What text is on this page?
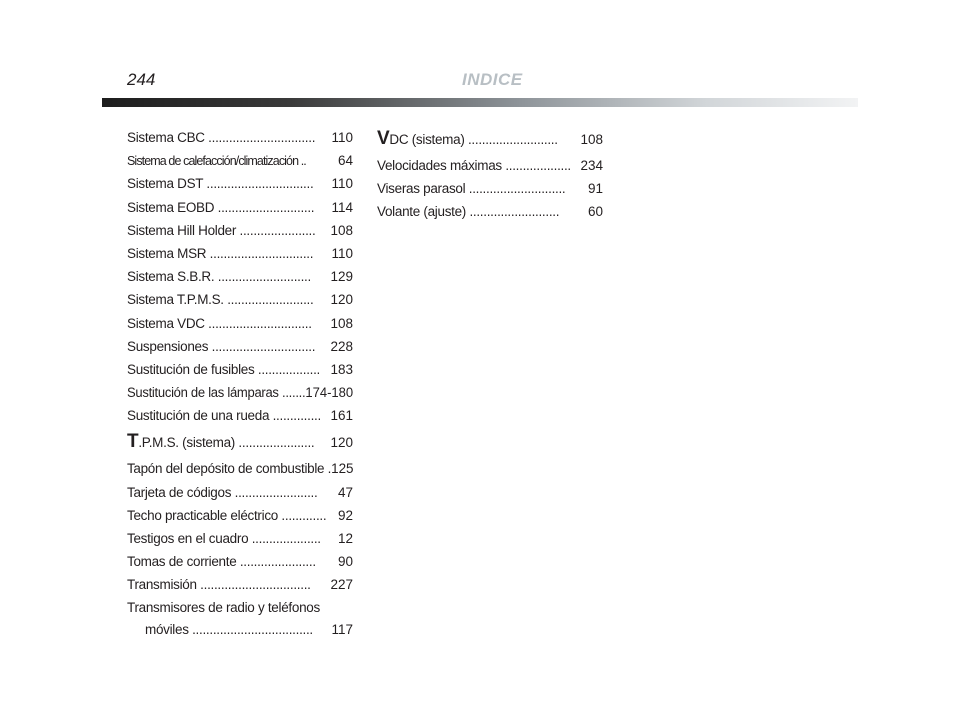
244	INDICE
Sistema CBC ............................... 110
Sistema de calefacción/climatización .. 64
Sistema DST ............................... 110
Sistema EOBD ............................ 114
Sistema Hill Holder ...................... 108
Sistema MSR .............................. 110
Sistema S.B.R. ........................... 129
Sistema T.P.M.S. ......................... 120
Sistema VDC .............................. 108
Suspensiones .............................. 228
Sustitución de fusibles .................. 183
Sustitución de las lámparas ....... 174-180
Sustitución de una rueda .............. 161
T.P.M.S. (sistema) ...................... 120
Tapón del depósito de combustible . 125
Tarjeta de códigos ........................ 47
Techo practicable eléctrico ............. 92
Testigos en el cuadro .................... 12
Tomas de corriente ...................... 90
Transmisión ................................ 227
Transmisores de radio y teléfonos
móviles ................................... 117
VDC (sistema) .......................... 108
Velocidades máximas ................... 234
Viseras parasol ............................ 91
Volante (ajuste) .......................... 60
